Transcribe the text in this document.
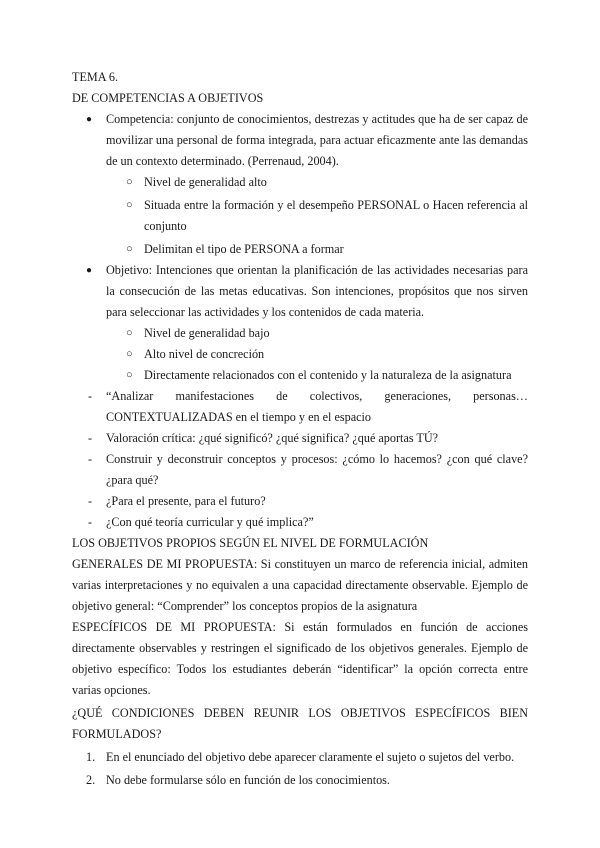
TEMA 6.

DE COMPETENCIAS A OBJETIVOS

● Competencia: conjunto de conocimientos, destrezas y actitudes que ha de ser capaz de movilizar una personal de forma integrada, para actuar eficazmente ante las demandas de un contexto determinado. (Perrenaud, 2004).
○ Nivel de generalidad alto
○ Situada entre la formación y el desempeño PERSONAL o Hacen referencia al conjunto
○ Delimitan el tipo de PERSONA a formar
● Objetivo: Intenciones que orientan la planificación de las actividades necesarias para la consecución de las metas educativas. Son intenciones, propósitos que nos sirven para seleccionar las actividades y los contenidos de cada materia.
○ Nivel de generalidad bajo
○ Alto nivel de concreción
○ Directamente relacionados con el contenido y la naturaleza de la asignatura
- “Analizar manifestaciones de colectivos, generaciones, personas… CONTEXTUALIZADAS en el tiempo y en el espacio
- Valoración crítica: ¿qué significó? ¿qué significa? ¿qué aportas TÚ?
- Construir y deconstruir conceptos y procesos: ¿cómo lo hacemos? ¿con qué clave? ¿para qué?
- ¿Para el presente, para el futuro?
- ¿Con qué teoría curricular y qué implica?”

LOS OBJETIVOS PROPIOS SEGÚN EL NIVEL DE FORMULACIÓN

GENERALES DE MI PROPUESTA: Si constituyen un marco de referencia inicial, admiten varias interpretaciones y no equivalen a una capacidad directamente observable. Ejemplo de objetivo general: “Comprender” los conceptos propios de la asignatura

ESPECÍFICOS DE MI PROPUESTA: Si están formulados en función de acciones directamente observables y restringen el significado de los objetivos generales. Ejemplo de objetivo específico: Todos los estudiantes deberán “identificar” la opción correcta entre varias opciones.

¿QUÉ CONDICIONES DEBEN REUNIR LOS OBJETIVOS ESPECÍFICOS BIEN FORMULADOS?

1. En el enunciado del objetivo debe aparecer claramente el sujeto o sujetos del verbo.
2. No debe formularse sólo en función de los conocimientos.
